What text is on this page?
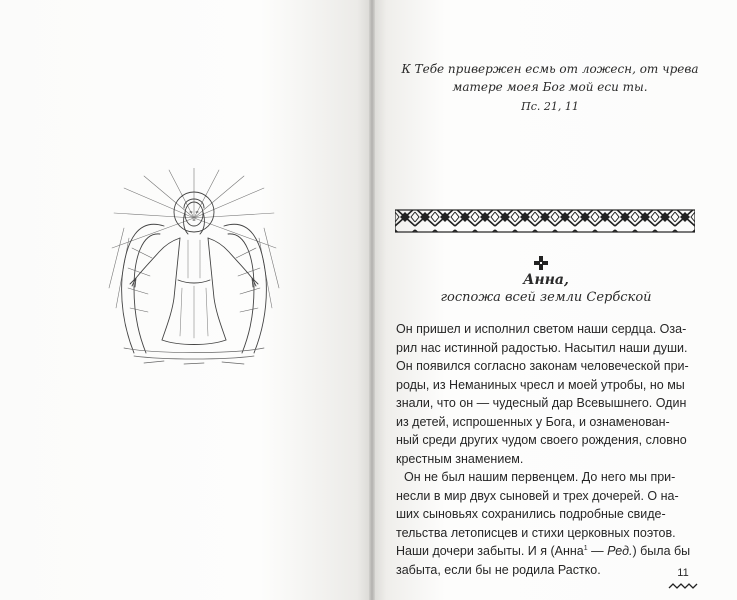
К Тебе привержен есмь от ложесн, от чрева
матере моея Бог мой еси ты.
Пс. 21, 11
Анна,
госпожа всей земли Сербской
Он пришел и исполнил светом наши сердца. Оза-
рил нас истинной радостью. Насытил наши души.
Он появился согласно законам человеческой при-
роды, из Неманиных чресл и моей утробы, но мы
знали, что он — чудесный дар Всевышнего. Один
из детей, испрошенных у Бога, и ознаменован-
ный среди других чудом своего рождения, словно
крестным знамением.
Он не был нашим первенцем. До него мы при-
несли в мир двух сыновей и трех дочерей. О на-
ших сыновьях сохранились подробные свиде-
тельства летописцев и стихи церковных поэтов.
Наши дочери забыты. И я (Анна$^1$ — Ред.) была бы
забыта, если бы не родила Растко.	11
